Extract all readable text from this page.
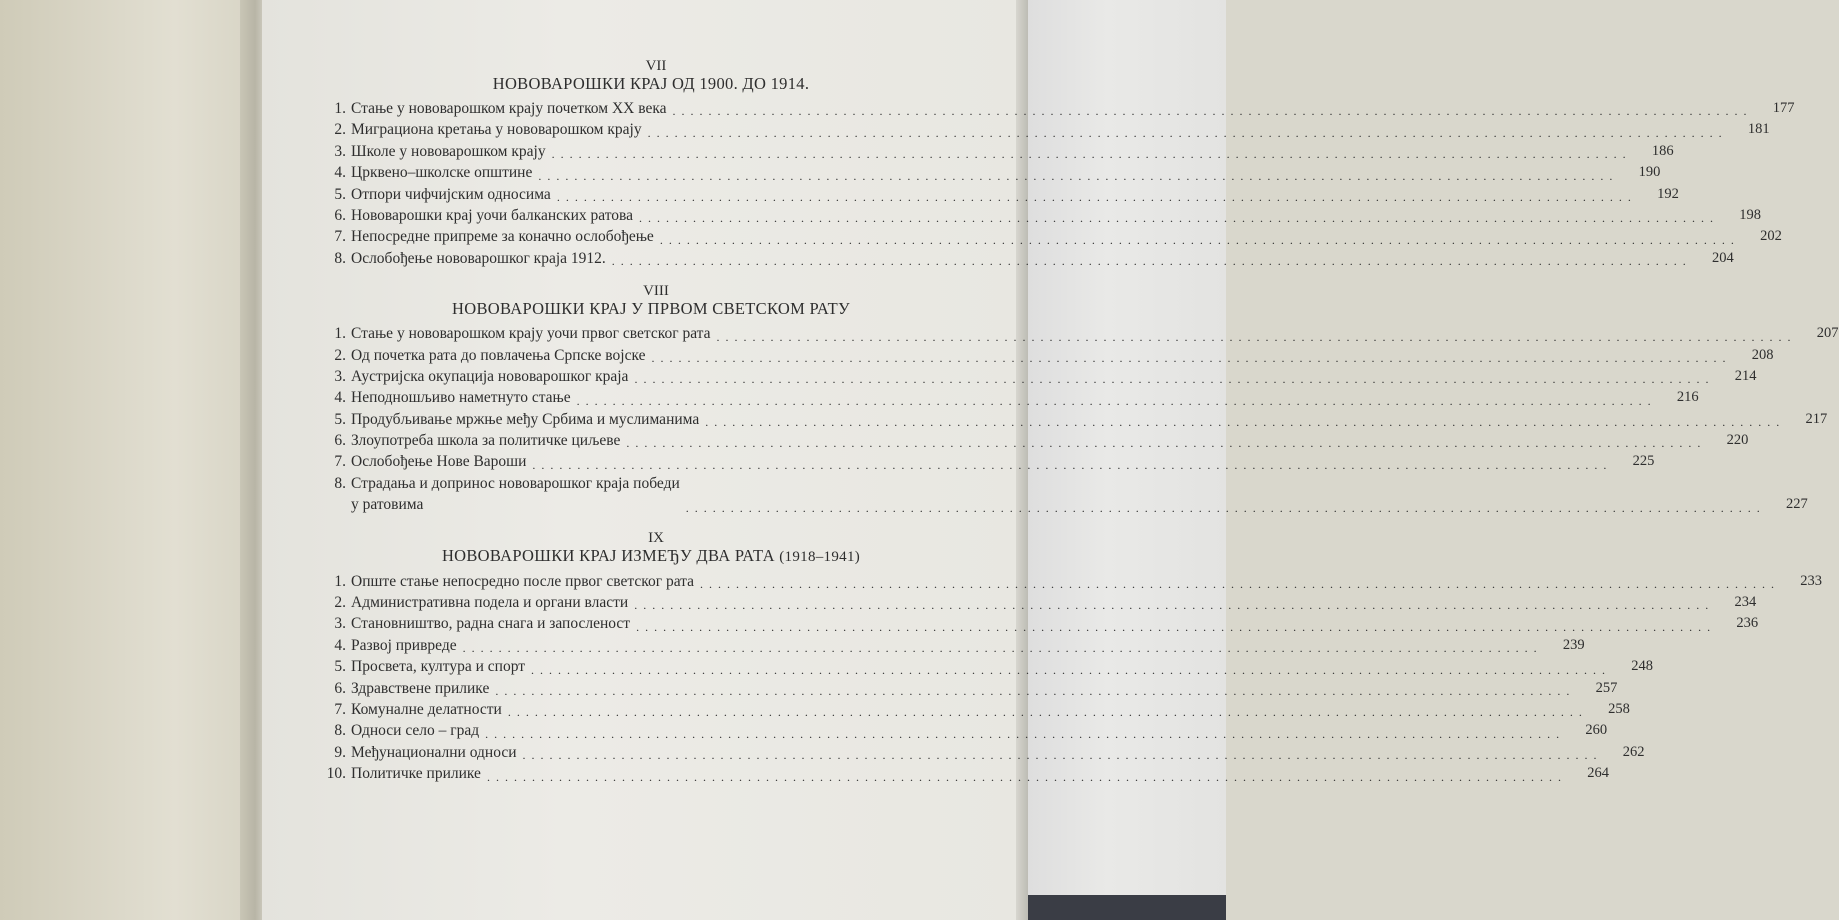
VII
НОВОВАРОШКИ КРАЈ ОД 1900. ДО 1914.
1. Стање у нововарошком крају почетком XX века ........................................................................................................................	177
2. Миграциона кретања у нововарошком крају ........................................................................................................................	181
3. Школе у нововарошком крају ........................................................................................................................	186
4. Црквено–школске општине ........................................................................................................................	190
5. Отпори чифчијским односима ........................................................................................................................	192
6. Нововарошки крај уочи балканских ратова ........................................................................................................................	198
7. Непосредне припреме за коначно ослобођење ........................................................................................................................	202
8. Ослобођење нововарошког краја 1912. ........................................................................................................................	204
VIII
НОВОВАРОШКИ КРАЈ У ПРВОМ СВЕТСКОМ РАТУ
1. Стање у нововарошком крају уочи првог светског рата ........................................................................................................................	207
2. Од почетка рата до повлачења Српске војске ........................................................................................................................	208
3. Аустријска окупација нововарошког краја ........................................................................................................................	214
4. Неподношљиво наметнуто стање ........................................................................................................................	216
5. Продубљивање мржње међу Србима и муслиманима ........................................................................................................................	217
6. Злоупотреба школа за политичке циљеве ........................................................................................................................	220
7. Ослобођење Нове Вароши ........................................................................................................................	225
8. Страдања и допринос нововарошког краја победи
у ратовима	........................................................................................................................	227
IX
НОВОВАРОШКИ КРАЈ ИЗМЕЂУ ДВА РАТА (1918–1941)
1. Опште стање непосредно после првог светског рата ........................................................................................................................	233
2. Административна подела и органи власти ........................................................................................................................	234
3. Становништво, радна снага и запосленост ........................................................................................................................	236
4. Развој привреде ........................................................................................................................	239
5. Просвета, култура и спорт ........................................................................................................................	248
6. Здравствене прилике ........................................................................................................................	257
7. Комуналне делатности ........................................................................................................................	258
8. Односи село – град ........................................................................................................................	260
9. Међунационални односи ........................................................................................................................	262
10. Политичке прилике ........................................................................................................................	264
